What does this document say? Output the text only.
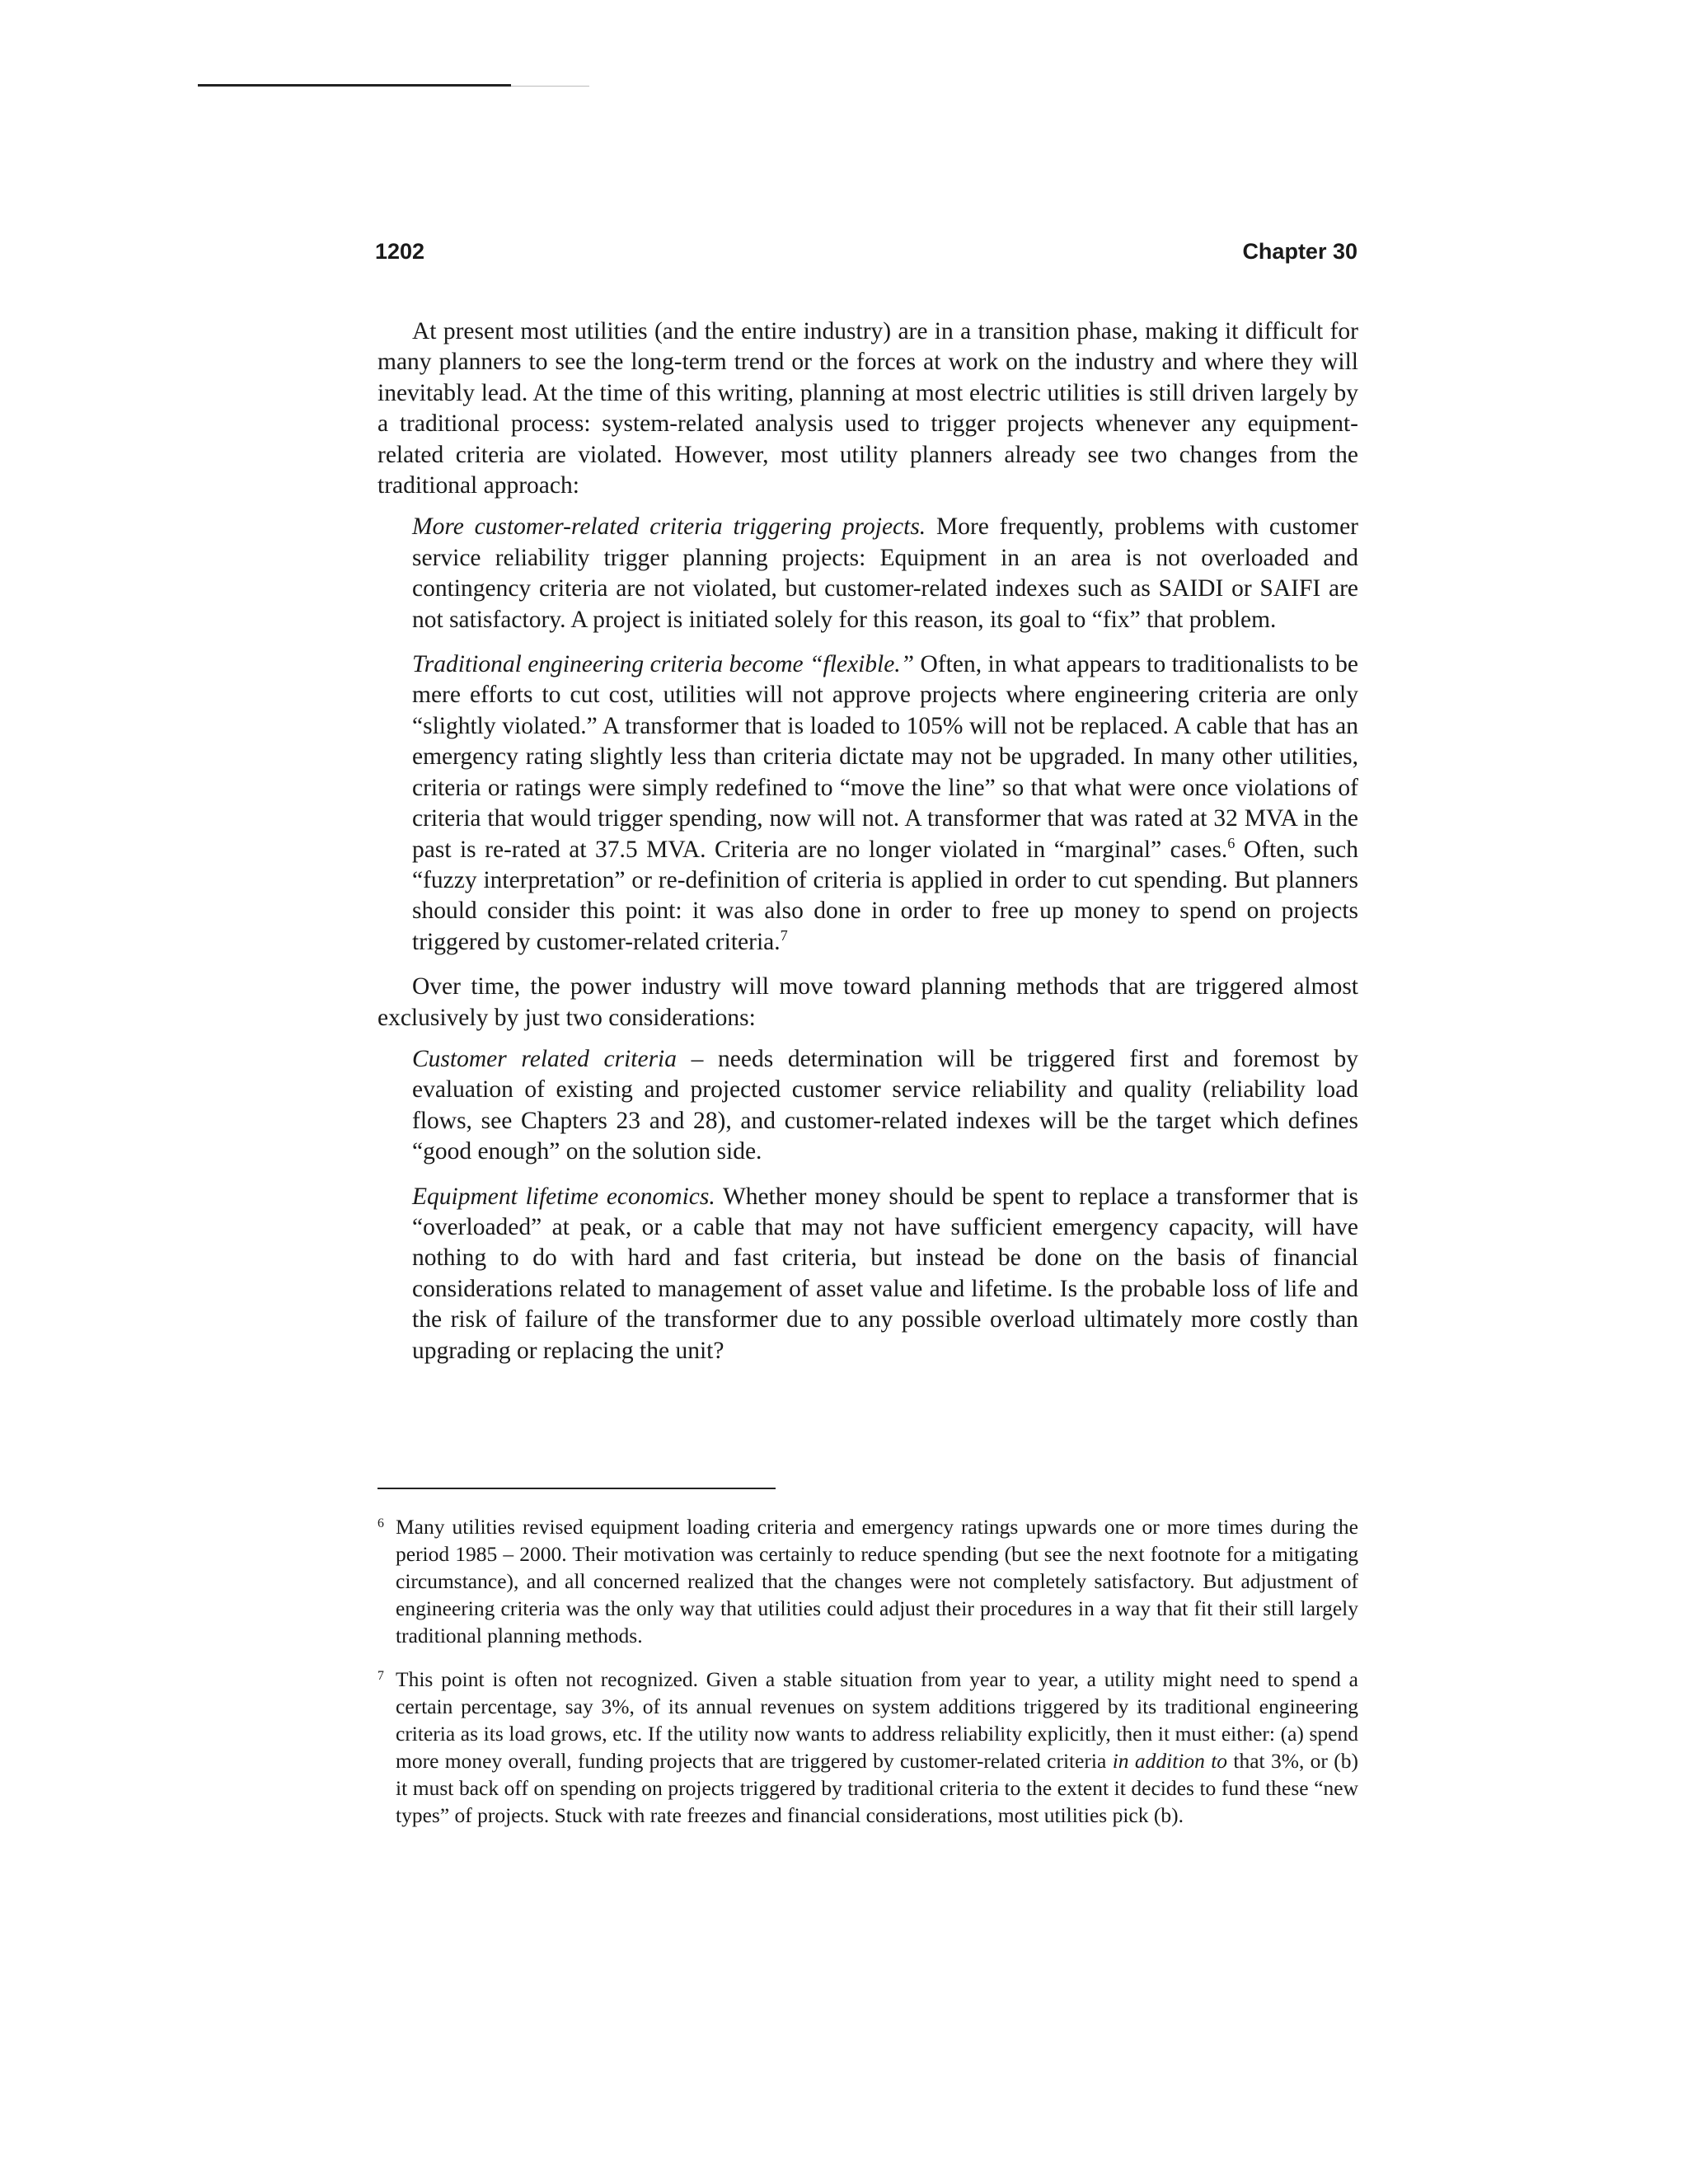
1202	Chapter 30

At present most utilities (and the entire industry) are in a transition phase, making it difficult for many planners to see the long-term trend or the forces at work on the industry and where they will inevitably lead. At the time of this writing, planning at most electric utilities is still driven largely by a traditional process: system-related analysis used to trigger projects whenever any equipment-related criteria are violated. However, most utility planners already see two changes from the traditional approach:

More customer-related criteria triggering projects. More frequently, problems with customer service reliability trigger planning projects: Equipment in an area is not overloaded and contingency criteria are not violated, but customer-related indexes such as SAIDI or SAIFI are not satisfactory. A project is initiated solely for this reason, its goal to “fix” that problem.

Traditional engineering criteria become “flexible.” Often, in what appears to traditionalists to be mere efforts to cut cost, utilities will not approve projects where engineering criteria are only “slightly violated.” A transformer that is loaded to 105% will not be replaced. A cable that has an emergency rating slightly less than criteria dictate may not be upgraded. In many other utilities, criteria or ratings were simply redefined to “move the line” so that what were once violations of criteria that would trigger spending, now will not. A transformer that was rated at 32 MVA in the past is re-rated at 37.5 MVA. Criteria are no longer violated in “marginal” cases.$^6$ Often, such “fuzzy interpretation” or re-definition of criteria is applied in order to cut spending. But planners should consider this point: it was also done in order to free up money to spend on projects triggered by customer-related criteria.$^7$

Over time, the power industry will move toward planning methods that are triggered almost exclusively by just two considerations:

Customer related criteria – needs determination will be triggered first and foremost by evaluation of existing and projected customer service reliability and quality (reliability load flows, see Chapters 23 and 28), and customer-related indexes will be the target which defines “good enough” on the solution side.

Equipment lifetime economics. Whether money should be spent to replace a transformer that is “overloaded” at peak, or a cable that may not have sufficient emergency capacity, will have nothing to do with hard and fast criteria, but instead be done on the basis of financial considerations related to management of asset value and lifetime. Is the probable loss of life and the risk of failure of the transformer due to any possible overload ultimately more costly than upgrading or replacing the unit?

6 Many utilities revised equipment loading criteria and emergency ratings upwards one or more times during the period 1985 – 2000. Their motivation was certainly to reduce spending (but see the next footnote for a mitigating circumstance), and all concerned realized that the changes were not completely satisfactory. But adjustment of engineering criteria was the only way that utilities could adjust their procedures in a way that fit their still largely traditional planning methods.

7 This point is often not recognized. Given a stable situation from year to year, a utility might need to spend a certain percentage, say 3%, of its annual revenues on system additions triggered by its traditional engineering criteria as its load grows, etc. If the utility now wants to address reliability explicitly, then it must either: (a) spend more money overall, funding projects that are triggered by customer-related criteria in addition to that 3%, or (b) it must back off on spending on projects triggered by traditional criteria to the extent it decides to fund these “new types” of projects. Stuck with rate freezes and financial considerations, most utilities pick (b).
